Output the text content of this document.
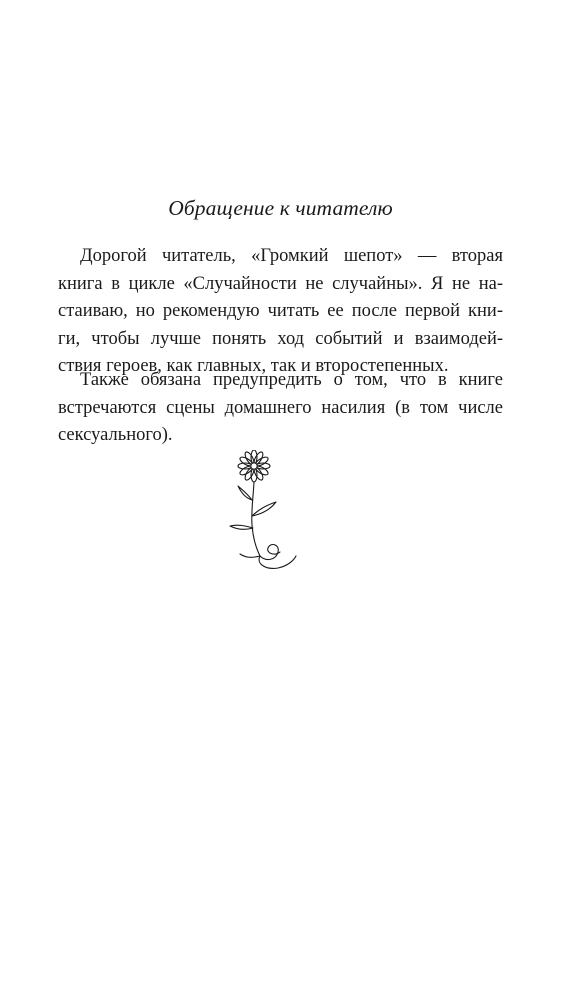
Обращение к читателю
Дорогой читатель, «Громкий шепот» — вторая
книга в цикле «Случайности не случайны». Я не на-
стаиваю, но рекомендую читать ее после первой кни-
ги, чтобы лучше понять ход событий и взаимодей-
ствия героев, как главных, так и второстепенных.
Также обязана предупредить о том, что в книге
встречаются сцены домашнего насилия (в том числе
сексуального).
